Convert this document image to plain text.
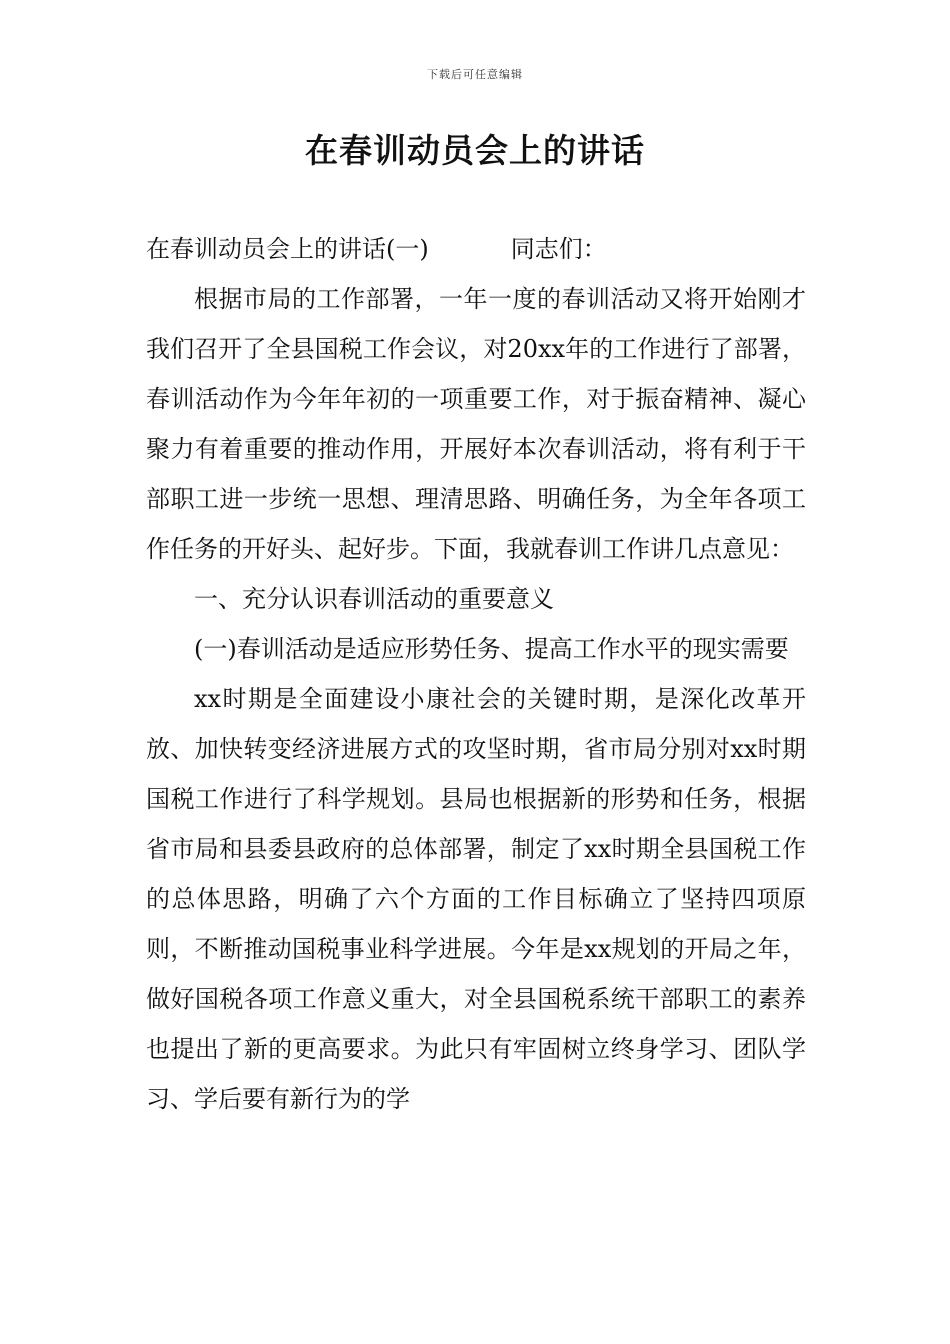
下载后可任意编辑
在春训动员会上的讲话

在春训动员会上的讲话(一)	同志们：

根据市局的工作部署，一年一度的春训活动又将开始刚才我们召开了全县国税工作会议，对20xx年的工作进行了部署，春训活动作为今年年初的一项重要工作，对于振奋精神、凝心聚力有着重要的推动作用，开展好本次春训活动，将有利于干部职工进一步统一思想、理清思路、明确任务，为全年各项工作任务的开好头、起好步。下面，我就春训工作讲几点意见：

一、充分认识春训活动的重要意义

(一)春训活动是适应形势任务、提高工作水平的现实需要

xx时期是全面建设小康社会的关键时期，是深化改革开放、加快转变经济进展方式的攻坚时期，省市局分别对xx时期国税工作进行了科学规划。县局也根据新的形势和任务，根据省市局和县委县政府的总体部署，制定了xx时期全县国税工作的总体思路，明确了六个方面的工作目标确立了坚持四项原则，不断推动国税事业科学进展。今年是xx规划的开局之年，做好国税各项工作意义重大，对全县国税系统干部职工的素养也提出了新的更高要求。为此只有牢固树立终身学习、团队学习、学后要有新行为的学
